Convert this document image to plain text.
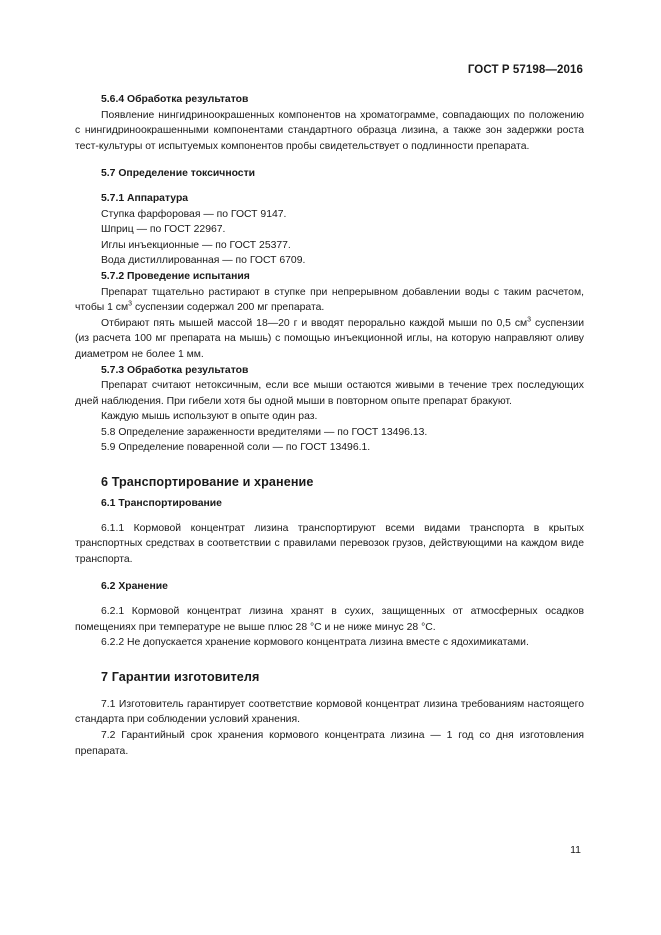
ГОСТ Р 57198—2016

5.6.4 Обработка результатов

Появление нингидриноокрашенных компонентов на хроматограмме, совпадающих по положению с нингидриноокрашенными компонентами стандартного образца лизина, а также зон задержки роста тест-культуры от испытуемых компонентов пробы свидетельствует о подлинности препарата.

5.7 Определение токсичности

5.7.1 Аппаратура

Ступка фарфоровая — по ГОСТ 9147.

Шприц — по ГОСТ 22967.

Иглы инъекционные — по ГОСТ 25377.

Вода дистиллированная — по ГОСТ 6709.

5.7.2 Проведение испытания

Препарат тщательно растирают в ступке при непрерывном добавлении воды с таким расчетом, чтобы 1 $см^3$ суспензии содержал 200 мг препарата.

Отбирают пять мышей массой 18—20 г и вводят перорально каждой мыши по 0,5 $см^3$ суспензии (из расчета 100 мг препарата на мышь) с помощью инъекционной иглы, на которую направляют оливу диаметром не более 1 мм.

5.7.3 Обработка результатов

Препарат считают нетоксичным, если все мыши остаются живыми в течение трех последующих дней наблюдения. При гибели хотя бы одной мыши в повторном опыте препарат бракуют.

Каждую мышь используют в опыте один раз.

5.8 Определение зараженности вредителями — по ГОСТ 13496.13.

5.9 Определение поваренной соли — по ГОСТ 13496.1.

6 Транспортирование и хранение

6.1 Транспортирование

6.1.1 Кормовой концентрат лизина транспортируют всеми видами транспорта в крытых транспортных средствах в соответствии с правилами перевозок грузов, действующими на каждом виде транспорта.

6.2 Хранение

6.2.1 Кормовой концентрат лизина хранят в сухих, защищенных от атмосферных осадков помещениях при температуре не выше плюс 28 °С и не ниже минус 28 °С.

6.2.2 Не допускается хранение кормового концентрата лизина вместе с ядохимикатами.

7 Гарантии изготовителя

7.1 Изготовитель гарантирует соответствие кормовой концентрат лизина требованиям настоящего стандарта при соблюдении условий хранения.

7.2 Гарантийный срок хранения кормового концентрата лизина — 1 год со дня изготовления препарата.

11
